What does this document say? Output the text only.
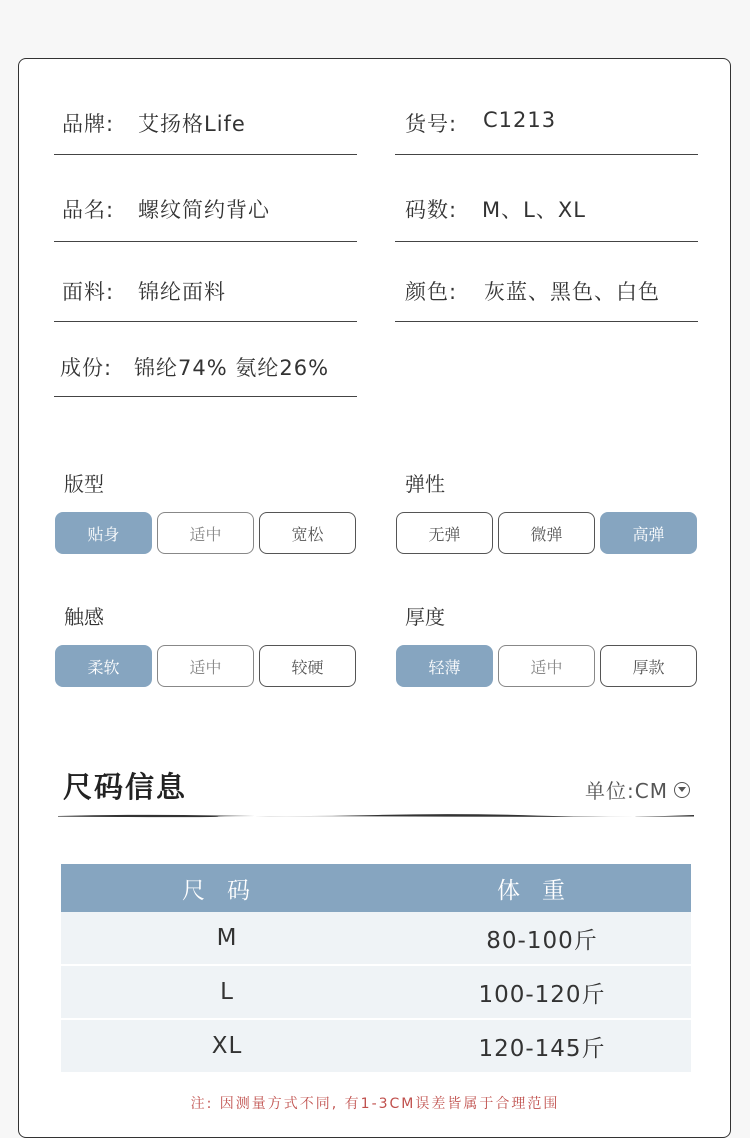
品牌: 艾扬格Life	货号: C1213
品名: 螺纹简约背心	码数: M、L、XL
面料: 锦纶面料	颜色: 灰蓝、黑色、白色
成份: 锦纶74% 氨纶26%
版型
贴身	适中	宽松
弹性
无弹	微弹	高弹
触感
柔软	适中	较硬
厚度
轻薄	适中	厚款
尺码信息	单位:CM
尺码	体重
M	80-100斤
L	100-120斤
XL	120-145斤
注: 因测量方式不同, 有1-3CM误差皆属于合理范围
